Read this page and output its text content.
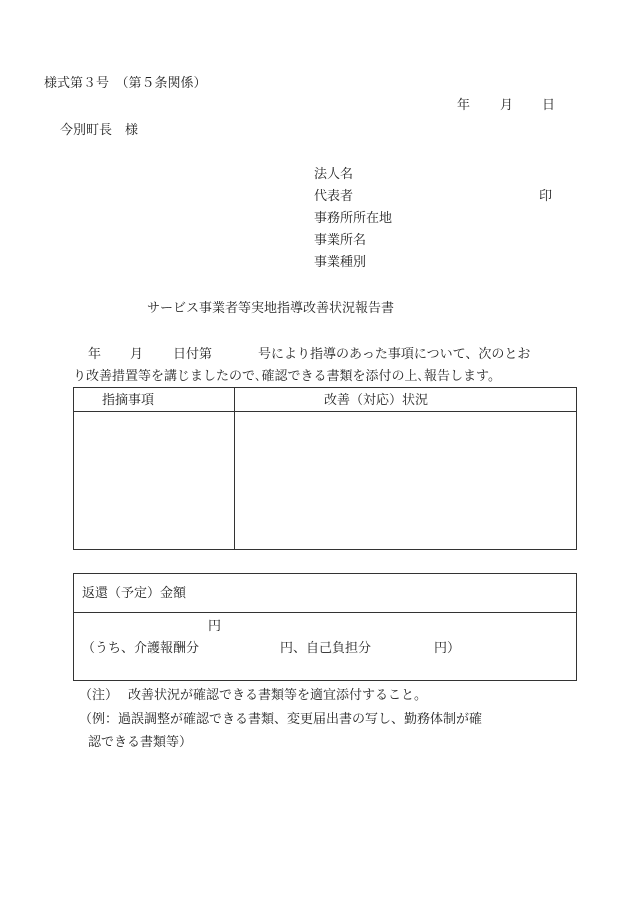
様式第３号　（第５条関係）
年 月 日
今別町長　様
法人名
代表者	印
事務所所在地
事業所名
事業種別
サービス事業者等実地指導改善状況報告書
年 月 日付第	号により指導のあった事項について、次のとお
り改善措置等を講じましたので､確認できる書類を添付の上､報告します。
指摘事項	改善（対応）状況
返還（予定）金額
円
（うち、介護報酬分	円、自己負担分	円）
（注） 改善状況が確認できる書類等を適宜添付すること。
（例：過誤調整が確認できる書類、変更届出書の写し、勤務体制が確
認できる書類等）
